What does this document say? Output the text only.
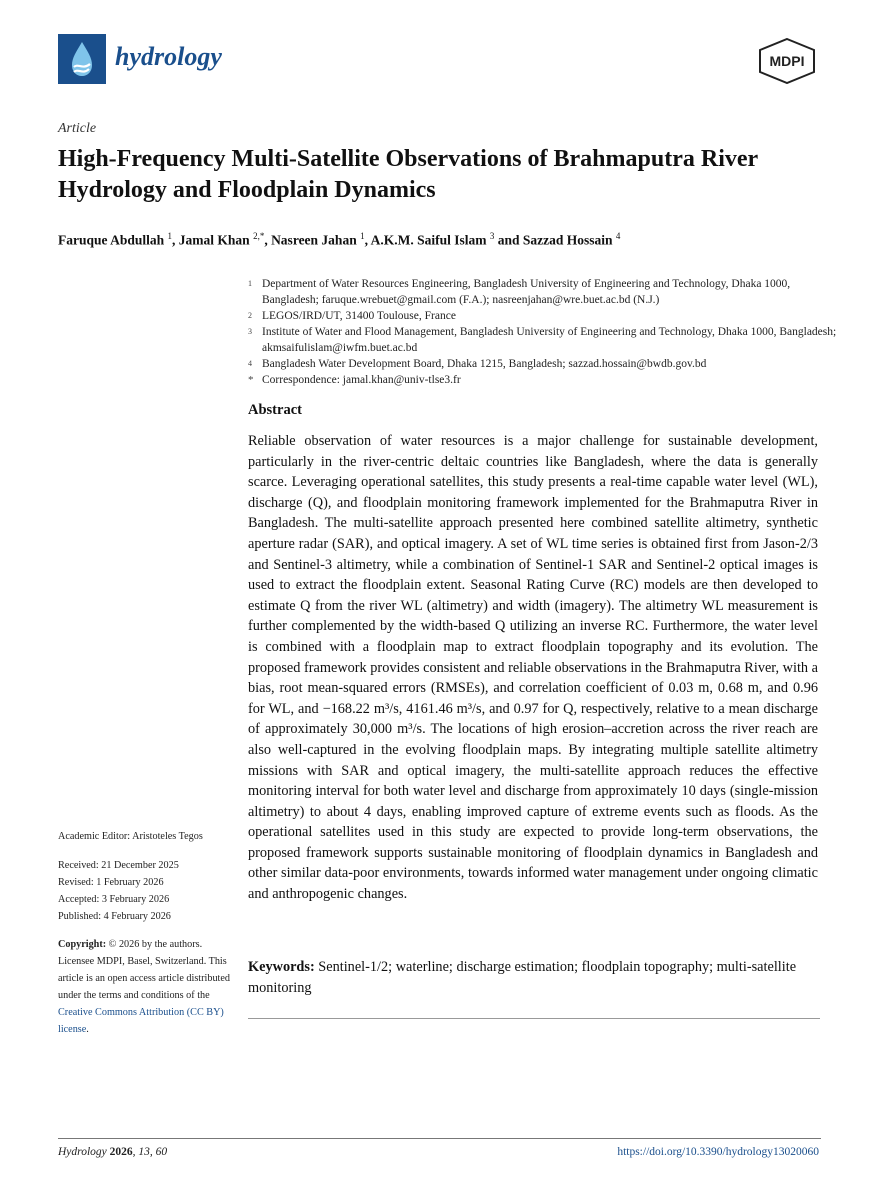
hydrology	MDPI
Article
High-Frequency Multi-Satellite Observations of Brahmaputra River Hydrology and Floodplain Dynamics
Faruque Abdullah $^1$, Jamal Khan $^{2,*}$, Nasreen Jahan $^1$, A.K.M. Saiful Islam $^3$ and Sazzad Hossain $^4$
1 Department of Water Resources Engineering, Bangladesh University of Engineering and Technology, Dhaka 1000, Bangladesh; faruque.wrebuet@gmail.com (F.A.); nasreenjahan@wre.buet.ac.bd (N.J.)
2 LEGOS/IRD/UT, 31400 Toulouse, France
3 Institute of Water and Flood Management, Bangladesh University of Engineering and Technology, Dhaka 1000, Bangladesh; akmsaifulislam@iwfm.buet.ac.bd
4 Bangladesh Water Development Board, Dhaka 1215, Bangladesh; sazzad.hossain@bwdb.gov.bd
* Correspondence: jamal.khan@univ-tlse3.fr
Abstract
Reliable observation of water resources is a major challenge for sustainable development, particularly in the river-centric deltaic countries like Bangladesh, where the data is generally scarce. Leveraging operational satellites, this study presents a real-time capable water level (WL), discharge (Q), and floodplain monitoring framework implemented for the Brahmaputra River in Bangladesh. The multi-satellite approach presented here combined satellite altimetry, synthetic aperture radar (SAR), and optical imagery. A set of WL time series is obtained first from Jason-2/3 and Sentinel-3 altimetry, while a combination of Sentinel-1 SAR and Sentinel-2 optical images is used to extract the floodplain extent. Seasonal Rating Curve (RC) models are then developed to estimate Q from the river WL (altimetry) and width (imagery). The altimetry WL measurement is further complemented by the width-based Q utilizing an inverse RC. Furthermore, the water level is combined with a floodplain map to extract floodplain topography and its evolution. The proposed framework provides consistent and reliable observations in the Brahmaputra River, with a bias, root mean-squared errors (RMSEs), and correlation coefficient of 0.03 m, 0.68 m, and 0.96 for WL, and −168.22 m³/s, 4161.46 m³/s, and 0.97 for Q, respectively, relative to a mean discharge of approximately 30,000 m³/s. The locations of high erosion–accretion across the river reach are also well-captured in the evolving floodplain maps. By integrating multiple satellite altimetry missions with SAR and optical imagery, the multi-satellite approach reduces the effective monitoring interval for both water level and discharge from approximately 10 days (single-mission altimetry) to about 4 days, enabling improved capture of extreme events such as floods. As the operational satellites used in this study are expected to provide long-term observations, the proposed framework supports sustainable monitoring of floodplain dynamics in Bangladesh and other similar data-poor environments, towards informed water management under ongoing climatic and anthropogenic changes.
Keywords: Sentinel-1/2; waterline; discharge estimation; floodplain topography; multi-satellite monitoring
Academic Editor: Aristoteles Tegos
Received: 21 December 2025
Revised: 1 February 2026
Accepted: 3 February 2026
Published: 4 February 2026
Copyright: © 2026 by the authors. Licensee MDPI, Basel, Switzerland. This article is an open access article distributed under the terms and conditions of the Creative Commons Attribution (CC BY) license.
Hydrology 2026, 13, 60	https://doi.org/10.3390/hydrology13020060
